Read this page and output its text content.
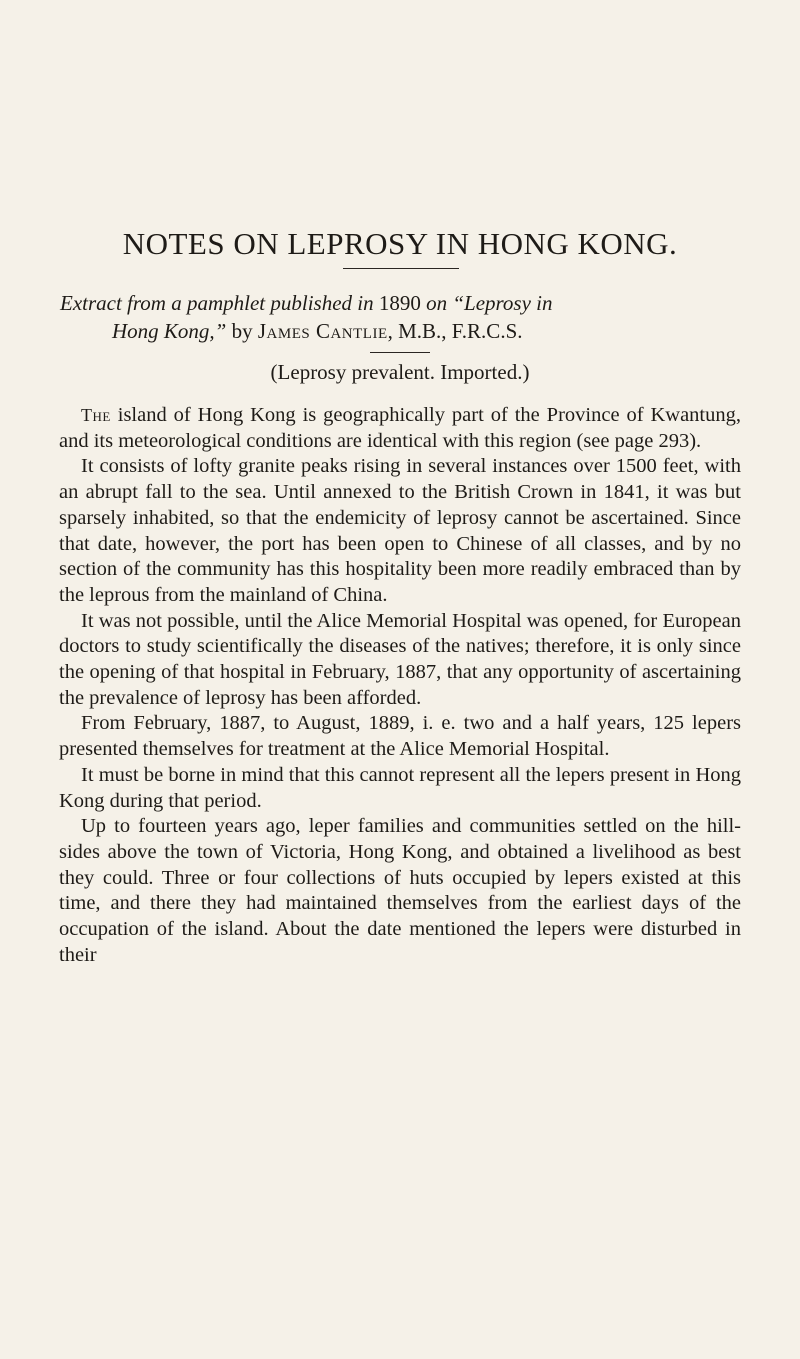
NOTES ON LEPROSY IN HONG KONG.
Extract from a pamphlet published in 1890 on “Leprosy in
Hong Kong,” by James Cantlie, M.B., F.R.C.S.
(Leprosy prevalent. Imported.)

The island of Hong Kong is geographically part of the Province of Kwantung, and its meteorological conditions are identical with this region (see page 293).

It consists of lofty granite peaks rising in several instances over 1500 feet, with an abrupt fall to the sea. Until annexed to the British Crown in 1841, it was but sparsely inhabited, so that the endemicity of leprosy cannot be ascertained. Since that date, however, the port has been open to Chinese of all classes, and by no section of the community has this hospitality been more readily embraced than by the leprous from the mainland of China.

It was not possible, until the Alice Memorial Hospital was opened, for European doctors to study scientifically the diseases of the natives; therefore, it is only since the opening of that hospital in February, 1887, that any opportunity of ascertaining the prevalence of leprosy has been afforded.

From February, 1887, to August, 1889, i. e. two and a half years, 125 lepers presented themselves for treatment at the Alice Memorial Hospital.

It must be borne in mind that this cannot represent all the lepers present in Hong Kong during that period.

Up to fourteen years ago, leper families and communities settled on the hill-sides above the town of Victoria, Hong Kong, and obtained a livelihood as best they could. Three or four collections of huts occupied by lepers existed at this time, and there they had maintained themselves from the earliest days of the occupation of the island. About the date mentioned the lepers were disturbed in their
